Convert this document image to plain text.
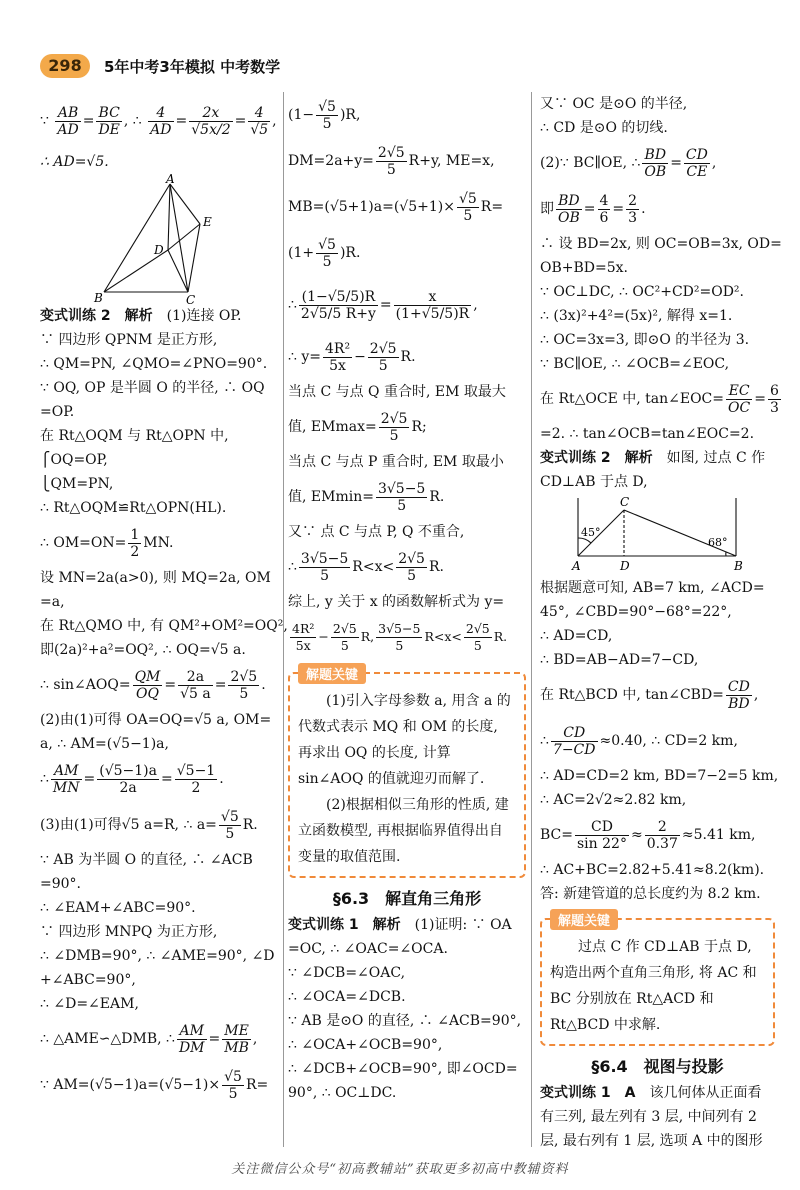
298	5年中考3年模拟 中考数学

∵ $\frac{AB}{AD} = \frac{BC}{DE}$ , ∴ $\frac{4}{AD} = \frac{2x}{√5x/2} = \frac{4}{√5}$ ,

∴ AD=√5.

A
E
D
B	C

变式训练 2　解析　(1)连接 OP.

∵ 四边形 QPNM 是正方形,

∴ QM=PN, ∠QMO=∠PNO=90°.

∵ OQ, OP 是半圆 O 的半径, ∴ OQ

=OP.

在 Rt△OQM 与 Rt△OPN 中,

⎧OQ=OP,

⎩QM=PN,

∴ Rt△OQM≌Rt△OPN(HL).

∴ $OM=ON= \frac{1}{2}$ MN.

设 MN=2a(a>0), 则 MQ=2a, OM

=a,

在 Rt△QMO 中, 有 QM²+OM²=OQ²,

即(2a)²+a²=OQ², ∴ OQ=√5 a.

∴ sin∠AOQ= $\frac{QM}{OQ} = \frac{2a}{√5 a} = \frac{2√5}{5}$ .

(2)由(1)可得 OA=OQ=√5 a, OM=

a, ∴ AM=(√5−1)a,

∴ $\frac{AM}{MN} = \frac{(√5-1)a}{2a} = \frac{√5-1}{2}$ .

(3)由(1)可得√5 a=R, ∴ $a= \frac{√5}{5} R$.

∵ AB 为半圆 O 的直径, ∴ ∠ACB

=90°.

∴ ∠EAM+∠ABC=90°.

∵ 四边形 MNPQ 为正方形,

∴ ∠DMB=90°, ∴ ∠AME=90°, ∠D

+∠ABC=90°,

∴ ∠D=∠EAM,

∴ △AME∽△DMB, ∴ $\frac{AM}{DM} = \frac{ME}{MB}$ ,

∵ $AM=(√5-1)a=(√5-1)\times \frac{√5}{5} R=$

$(1- \frac{√5}{5} )R$,

$DM=2a+y= \frac{2√5}{5} R+y$, ME=x,

$MB=(√5+1)a=(√5+1)\times \frac{√5}{5} R=$

$(1+ \frac{√5}{5} )R$.

∴ $\frac{(1-√5/5)R}{2√5/5 R+y} = \frac{x}{(1+√5/5)R}$ ,

∴ $y= \frac{\text{4R²}}{5x} - \frac{2√5}{5} R$.

当点 C 与点 Q 重合时, EM 取最大

值, $EMmax= \frac{2√5}{5} R$;

当点 C 与点 P 重合时, EM 取最小

值, $EMmin= \frac{3√5-5}{5} R$.

又∵ 点 C 与点 P, Q 不重合,

∴ $\frac{3√5-5}{5} R<x< \frac{2√5}{5} R$.

综上, y 关于 x 的函数解析式为 y=

$\frac{\text{4R²}}{5x} - \frac{2√5}{5} R$, $\frac{3√5-5}{5} R<x< \frac{2√5}{5} R$.

解题关键

(1)引入字母参数 a, 用含 a 的代数式表示 MQ 和 OM 的长度, 再求出 OQ 的长度, 计算sin∠AOQ 的值就迎刃而解了.

(2)根据相似三角形的性质, 建立函数模型, 再根据临界值得出自变量的取值范围.

§6.3　解直角三角形

变式训练 1　解析　(1)证明: ∵ OA

=OC, ∴ ∠OAC=∠OCA.

∵ ∠DCB=∠OAC,

∴ ∠OCA=∠DCB.

∵ AB 是⊙O 的直径, ∴ ∠ACB=90°,

∴ ∠OCA+∠OCB=90°,

∴ ∠DCB+∠OCB=90°, 即∠OCD=

90°, ∴ OC⊥DC.

又∵ OC 是⊙O 的半径,

∴ CD 是⊙O 的切线.

(2)∵ BC∥OE, ∴ $\frac{BD}{OB} = \frac{CD}{CE}$ ,

即 $\frac{BD}{OB} = \frac{4}{6} = \frac{2}{3}$ .

∴ 设 BD=2x, 则 OC=OB=3x, OD=

OB+BD=5x.

∵ OC⊥DC, ∴ OC²+CD²=OD².

∴ (3x)²+4²=(5x)², 解得 x=1.

∴ OC=3x=3, 即⊙O 的半径为 3.

∵ BC∥OE, ∴ ∠OCB=∠EOC,

在 Rt△OCE 中, tan∠EOC= $\frac{EC}{OC} = \frac{6}{3}$

=2. ∴ tan∠OCB=tan∠EOC=2.

变式训练 2　解析　如图, 过点 C 作

CD⊥AB 于点 D,

C
A	D	B
45°
68°

根据题意可知, AB=7 km, ∠ACD=

45°, ∠CBD=90°−68°=22°,

∴ AD=CD,

∴ BD=AB−AD=7−CD,

在 Rt△BCD 中, tan∠CBD= $\frac{CD}{BD}$ ,

∴ $\frac{CD}{7-CD} \approx 0.40$, ∴ CD=2 km,

∴ AD=CD=2 km, BD=7−2=5 km,

∴ AC=2√2≈2.82 km,

$BC= \frac{CD}{\sin 22^\circ} \approx \frac{2}{0.37} \approx 5.41$ km,

∴ AC+BC=2.82+5.41≈8.2(km).

答: 新建管道的总长度约为 8.2 km.

解题关键

过点 C 作 CD⊥AB 于点 D, 构造出两个直角三角形, 将 AC 和 BC 分别放在 Rt△ACD 和 Rt△BCD 中求解.

§6.4　视图与投影

变式训练 1　A　该几何体从正面看

有三列, 最左列有 3 层, 中间列有 2

层, 最右列有 1 层, 选项 A 中的图形

关注微信公众号“初高教辅站”获取更多初高中教辅资料
